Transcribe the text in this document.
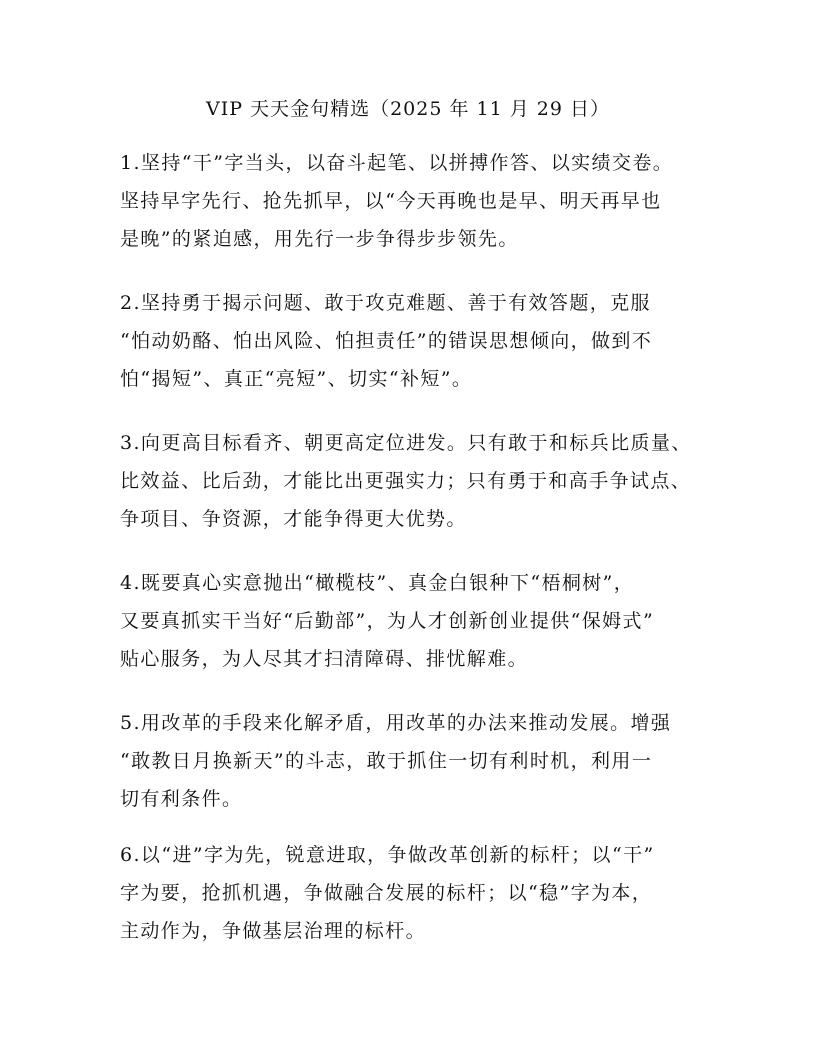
VIP 天天金句精选（2025 年 11 月 29 日）
1.坚持“干”字当头，以奋斗起笔、以拼搏作答、以实绩交卷。
坚持早字先行、抢先抓早，以“今天再晚也是早、明天再早也
是晚”的紧迫感，用先行一步争得步步领先。
2.坚持勇于揭示问题、敢于攻克难题、善于有效答题，克服
“怕动奶酪、怕出风险、怕担责任”的错误思想倾向，做到不
怕“揭短”、真正“亮短”、切实“补短”。
3.向更高目标看齐、朝更高定位进发。只有敢于和标兵比质量、
比效益、比后劲，才能比出更强实力；只有勇于和高手争试点、
争项目、争资源，才能争得更大优势。
4.既要真心实意抛出“橄榄枝”、真金白银种下“梧桐树”，
又要真抓实干当好“后勤部”，为人才创新创业提供“保姆式”
贴心服务，为人尽其才扫清障碍、排忧解难。
5.用改革的手段来化解矛盾，用改革的办法来推动发展。增强
“敢教日月换新天”的斗志，敢于抓住一切有利时机，利用一
切有利条件。
6.以“进”字为先，锐意进取，争做改革创新的标杆；以“干”
字为要，抢抓机遇，争做融合发展的标杆；以“稳”字为本，
主动作为，争做基层治理的标杆。
